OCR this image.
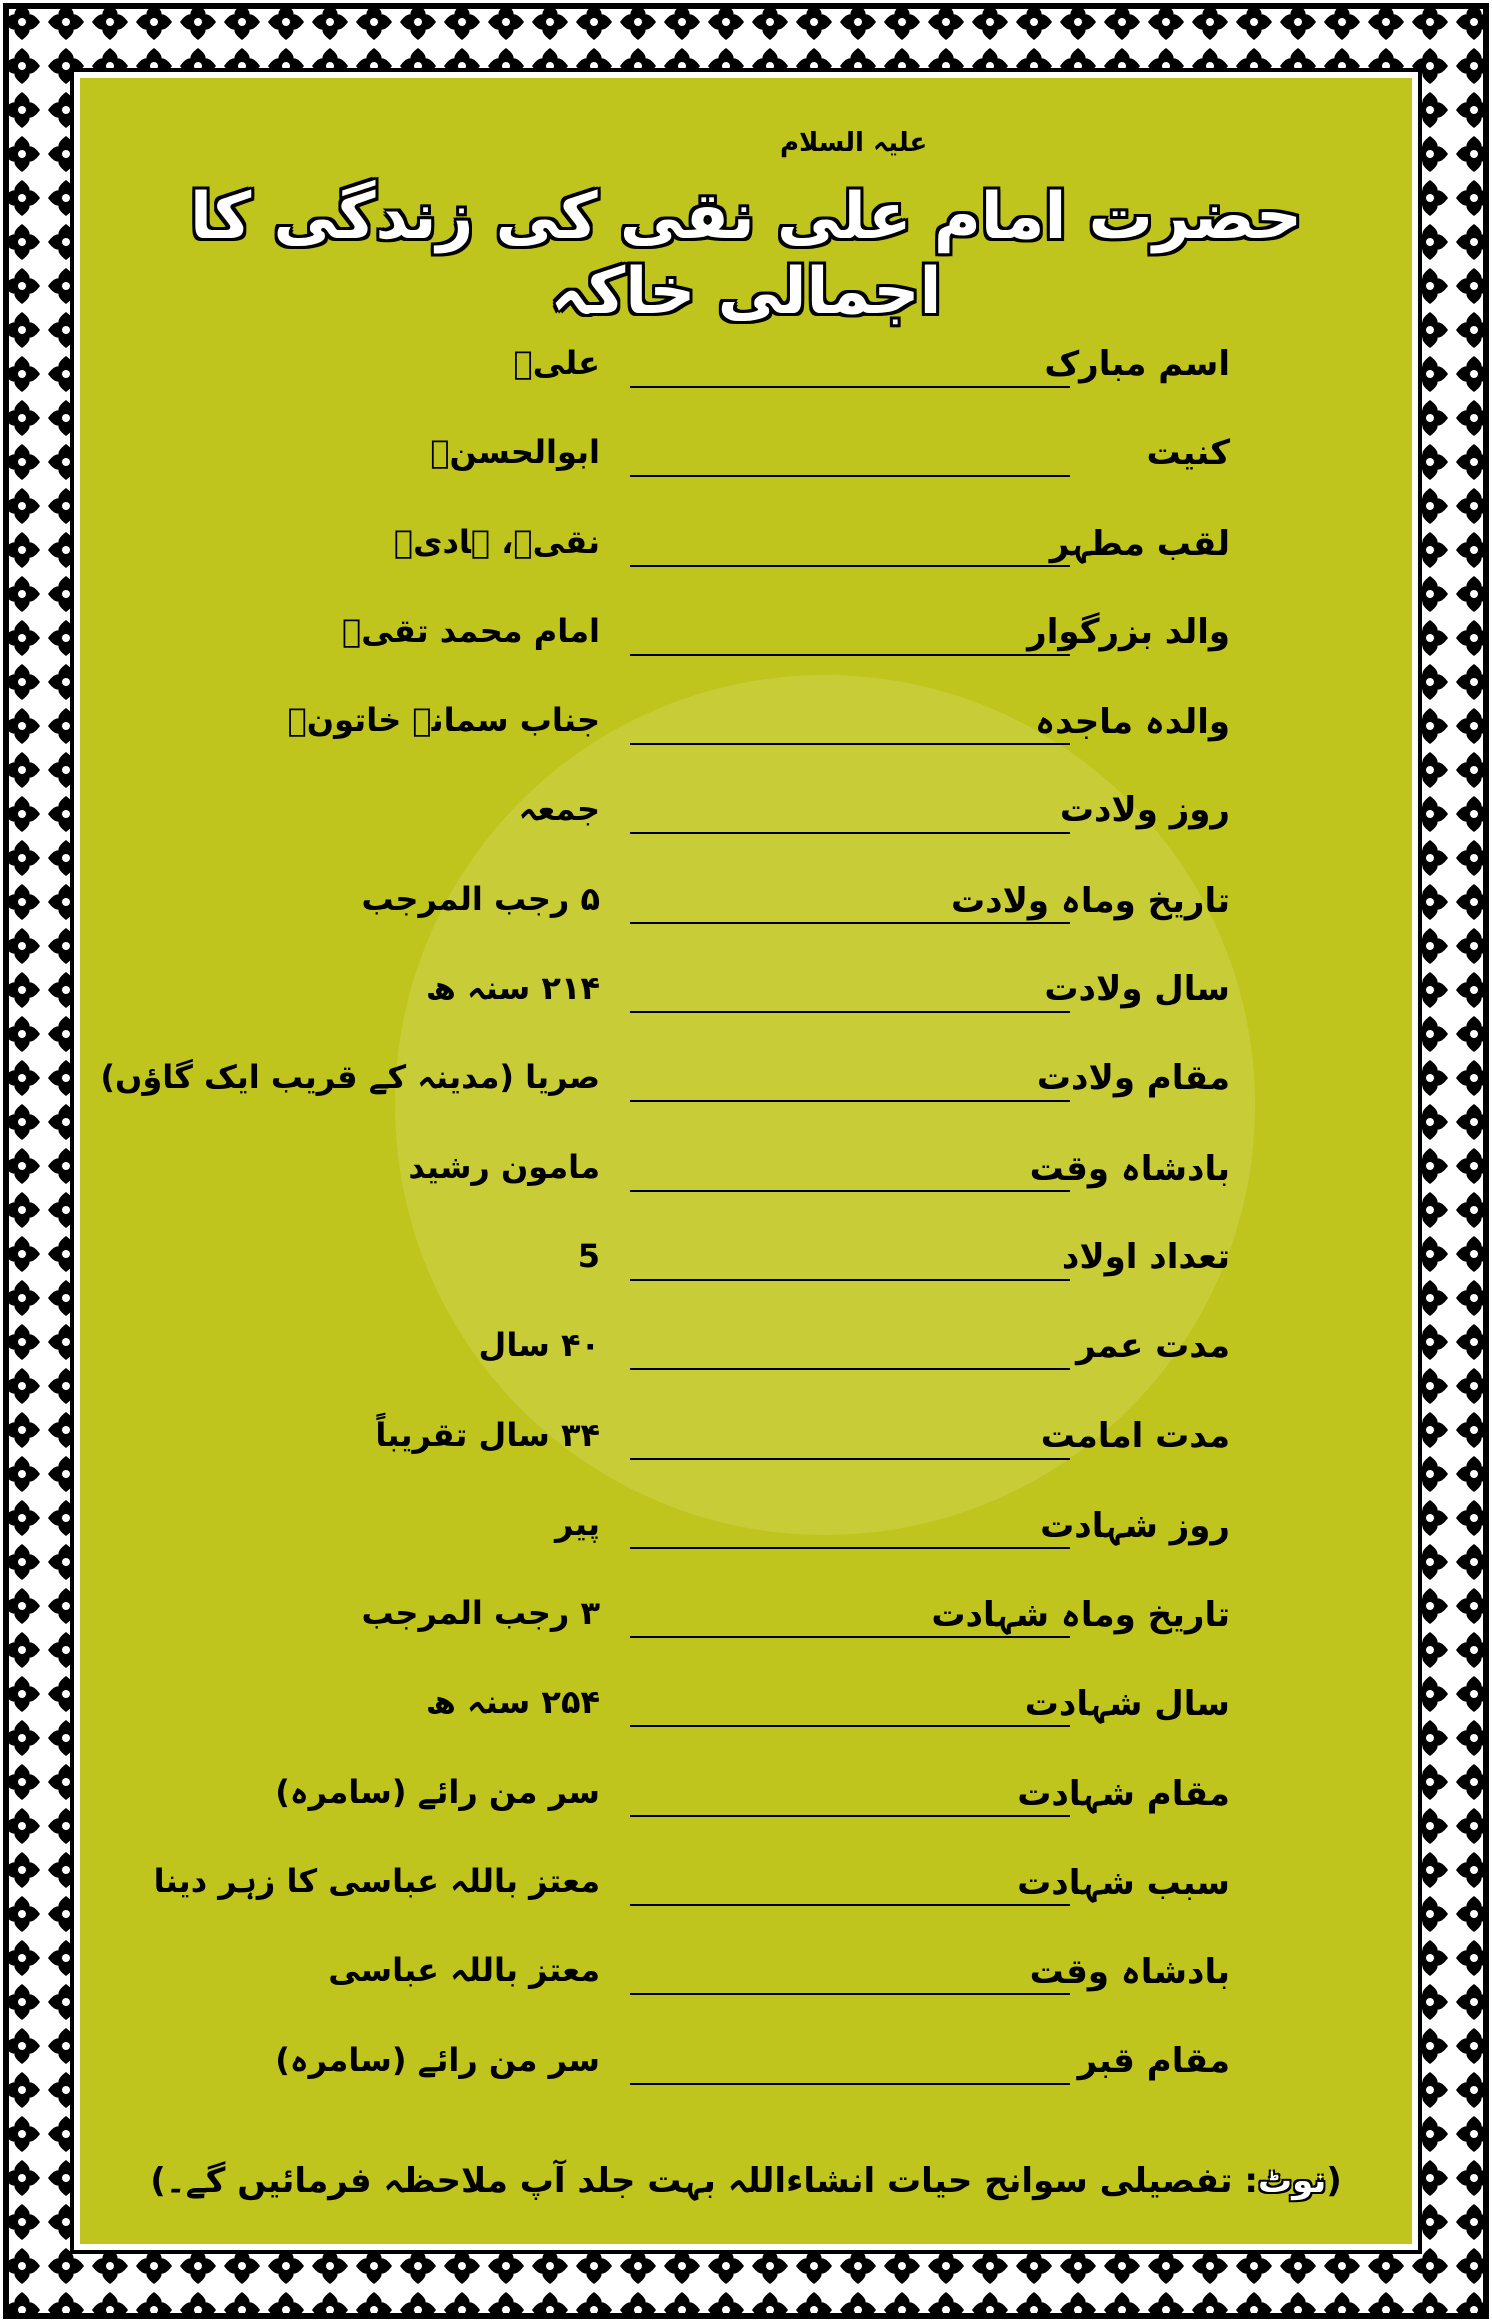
علیہ السلام
حضرت امام علی نقی کی زندگی کا اجمالی خاکہ
اسم مبارک
علیؑ
کنیت
ابوالحسنؑ
لقب مطہر
نقیؑ، ہادیؑ
والد بزرگوار
امام محمد تقیؑ
والدہ ماجدہ
جناب سمانہ خاتونؑ
روز ولادت
جمعہ
تاریخ وماہ ولادت
۵ رجب المرجب
سال ولادت
۲۱۴ سنہ ھ
مقام ولادت
صریا (مدینہ کے قریب ایک گاؤں)
بادشاہ وقت
مامون رشید
تعداد اولاد
5
مدت عمر
۴۰ سال
مدت امامت
۳۴ سال تقریباً
روز شہادت
پیر
تاریخ وماہ شہادت
۳ رجب المرجب
سال شہادت
۲۵۴ سنہ ھ
مقام شہادت
سر من رائے (سامرہ)
سبب شہادت
معتز باللہ عباسی کا زہر دینا
بادشاہ وقت
معتز باللہ عباسی
مقام قبر
سر من رائے (سامرہ)
(نوٹ: تفصیلی سوانح حیات انشاءاللہ بہت جلد آپ ملاحظہ فرمائیں گے۔)
